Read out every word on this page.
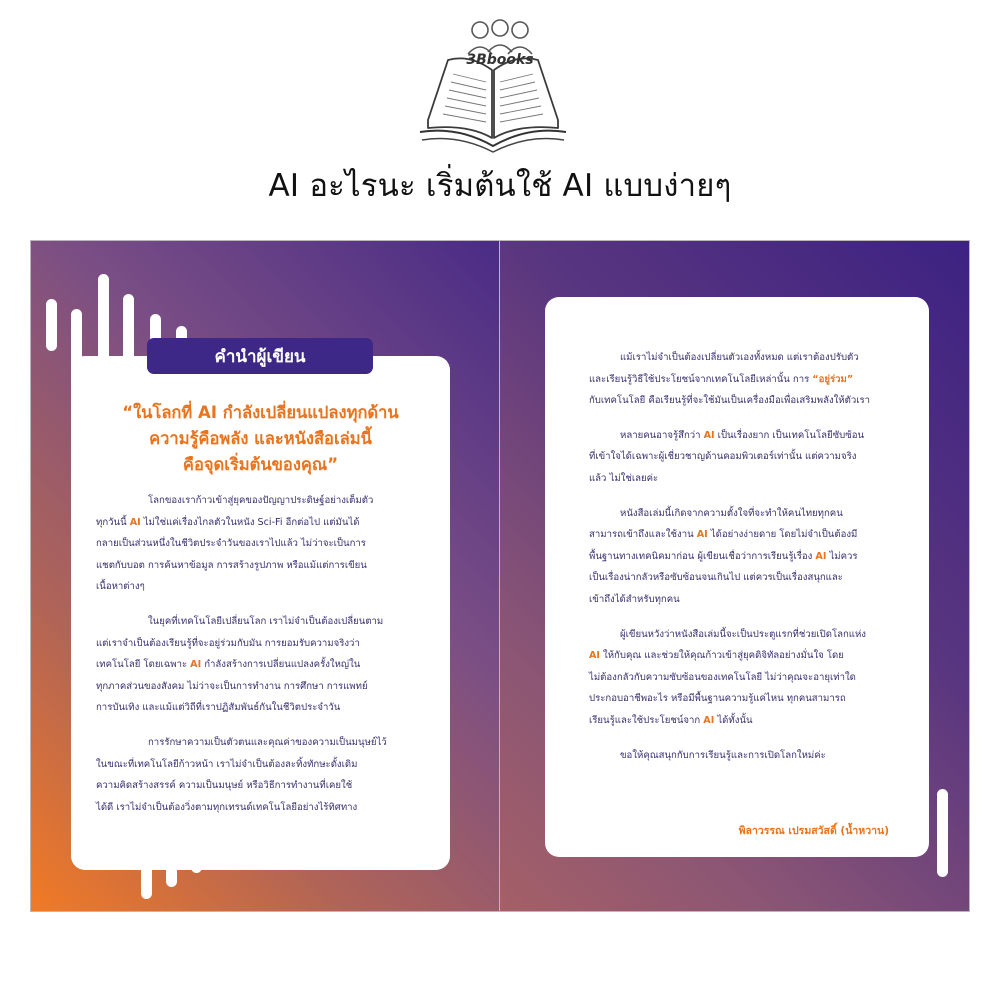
3Bbooks
AI อะไรนะ เริ่มต้นใช้ AI แบบง่ายๆ
“ในโลกที่ AI กำลังเปลี่ยนแปลงทุกด้าน
ความรู้คือพลัง และหนังสือเล่มนี้
คือจุดเริ่มต้นของคุณ”
โลกของเราก้าวเข้าสู่ยุคของปัญญาประดิษฐ์อย่างเต็มตัว
ทุกวันนี้ AI ไม่ใช่แค่เรื่องไกลตัวในหนัง Sci-Fi อีกต่อไป แต่มันได้
กลายเป็นส่วนหนึ่งในชีวิตประจำวันของเราไปแล้ว ไม่ว่าจะเป็นการ
แชตกับบอต การค้นหาข้อมูล การสร้างรูปภาพ หรือแม้แต่การเขียน
เนื้อหาต่างๆ
ในยุคที่เทคโนโลยีเปลี่ยนโลก เราไม่จำเป็นต้องเปลี่ยนตาม
แต่เราจำเป็นต้องเรียนรู้ที่จะอยู่ร่วมกับมัน การยอมรับความจริงว่า
เทคโนโลยี โดยเฉพาะ AI กำลังสร้างการเปลี่ยนแปลงครั้งใหญ่ใน
ทุกภาคส่วนของสังคม ไม่ว่าจะเป็นการทำงาน การศึกษา การแพทย์
การบันเทิง และแม้แต่วิถีที่เราปฏิสัมพันธ์กันในชีวิตประจำวัน
การรักษาความเป็นตัวตนและคุณค่าของความเป็นมนุษย์ไว้
ในขณะที่เทคโนโลยีก้าวหน้า เราไม่จำเป็นต้องละทิ้งทักษะดั้งเดิม
ความคิดสร้างสรรค์ ความเป็นมนุษย์ หรือวิธีการทำงานที่เคยใช้
ได้ดี เราไม่จำเป็นต้องวิ่งตามทุกเทรนด์เทคโนโลยีอย่างไร้ทิศทาง
คำนำผู้เขียน	แม้เราไม่จำเป็นต้องเปลี่ยนตัวเองทั้งหมด แต่เราต้องปรับตัว
และเรียนรู้วิธีใช้ประโยชน์จากเทคโนโลยีเหล่านั้น การ “อยู่ร่วม”
กับเทคโนโลยี คือเรียนรู้ที่จะใช้มันเป็นเครื่องมือเพื่อเสริมพลังให้ตัวเรา
หลายคนอาจรู้สึกว่า AI เป็นเรื่องยาก เป็นเทคโนโลยีซับซ้อน
ที่เข้าใจได้เฉพาะผู้เชี่ยวชาญด้านคอมพิวเตอร์เท่านั้น แต่ความจริง
แล้ว ไม่ใช่เลยค่ะ
หนังสือเล่มนี้เกิดจากความตั้งใจที่จะทำให้คนไทยทุกคน
สามารถเข้าถึงและใช้งาน AI ได้อย่างง่ายดาย โดยไม่จำเป็นต้องมี
พื้นฐานทางเทคนิคมาก่อน ผู้เขียนเชื่อว่าการเรียนรู้เรื่อง AI ไม่ควร
เป็นเรื่องน่ากลัวหรือซับซ้อนจนเกินไป แต่ควรเป็นเรื่องสนุกและ
เข้าถึงได้สำหรับทุกคน
ผู้เขียนหวังว่าหนังสือเล่มนี้จะเป็นประตูแรกที่ช่วยเปิดโลกแห่ง
AI ให้กับคุณ และช่วยให้คุณก้าวเข้าสู่ยุคดิจิทัลอย่างมั่นใจ โดย
ไม่ต้องกลัวกับความซับซ้อนของเทคโนโลยี ไม่ว่าคุณจะอายุเท่าใด
ประกอบอาชีพอะไร หรือมีพื้นฐานความรู้แค่ไหน ทุกคนสามารถ
เรียนรู้และใช้ประโยชน์จาก AI ได้ทั้งนั้น
ขอให้คุณสนุกกับการเรียนรู้และการเปิดโลกใหม่ค่ะ
พิลาวรรณ เปรมสวัสดิ์ (น้ำหวาน)
